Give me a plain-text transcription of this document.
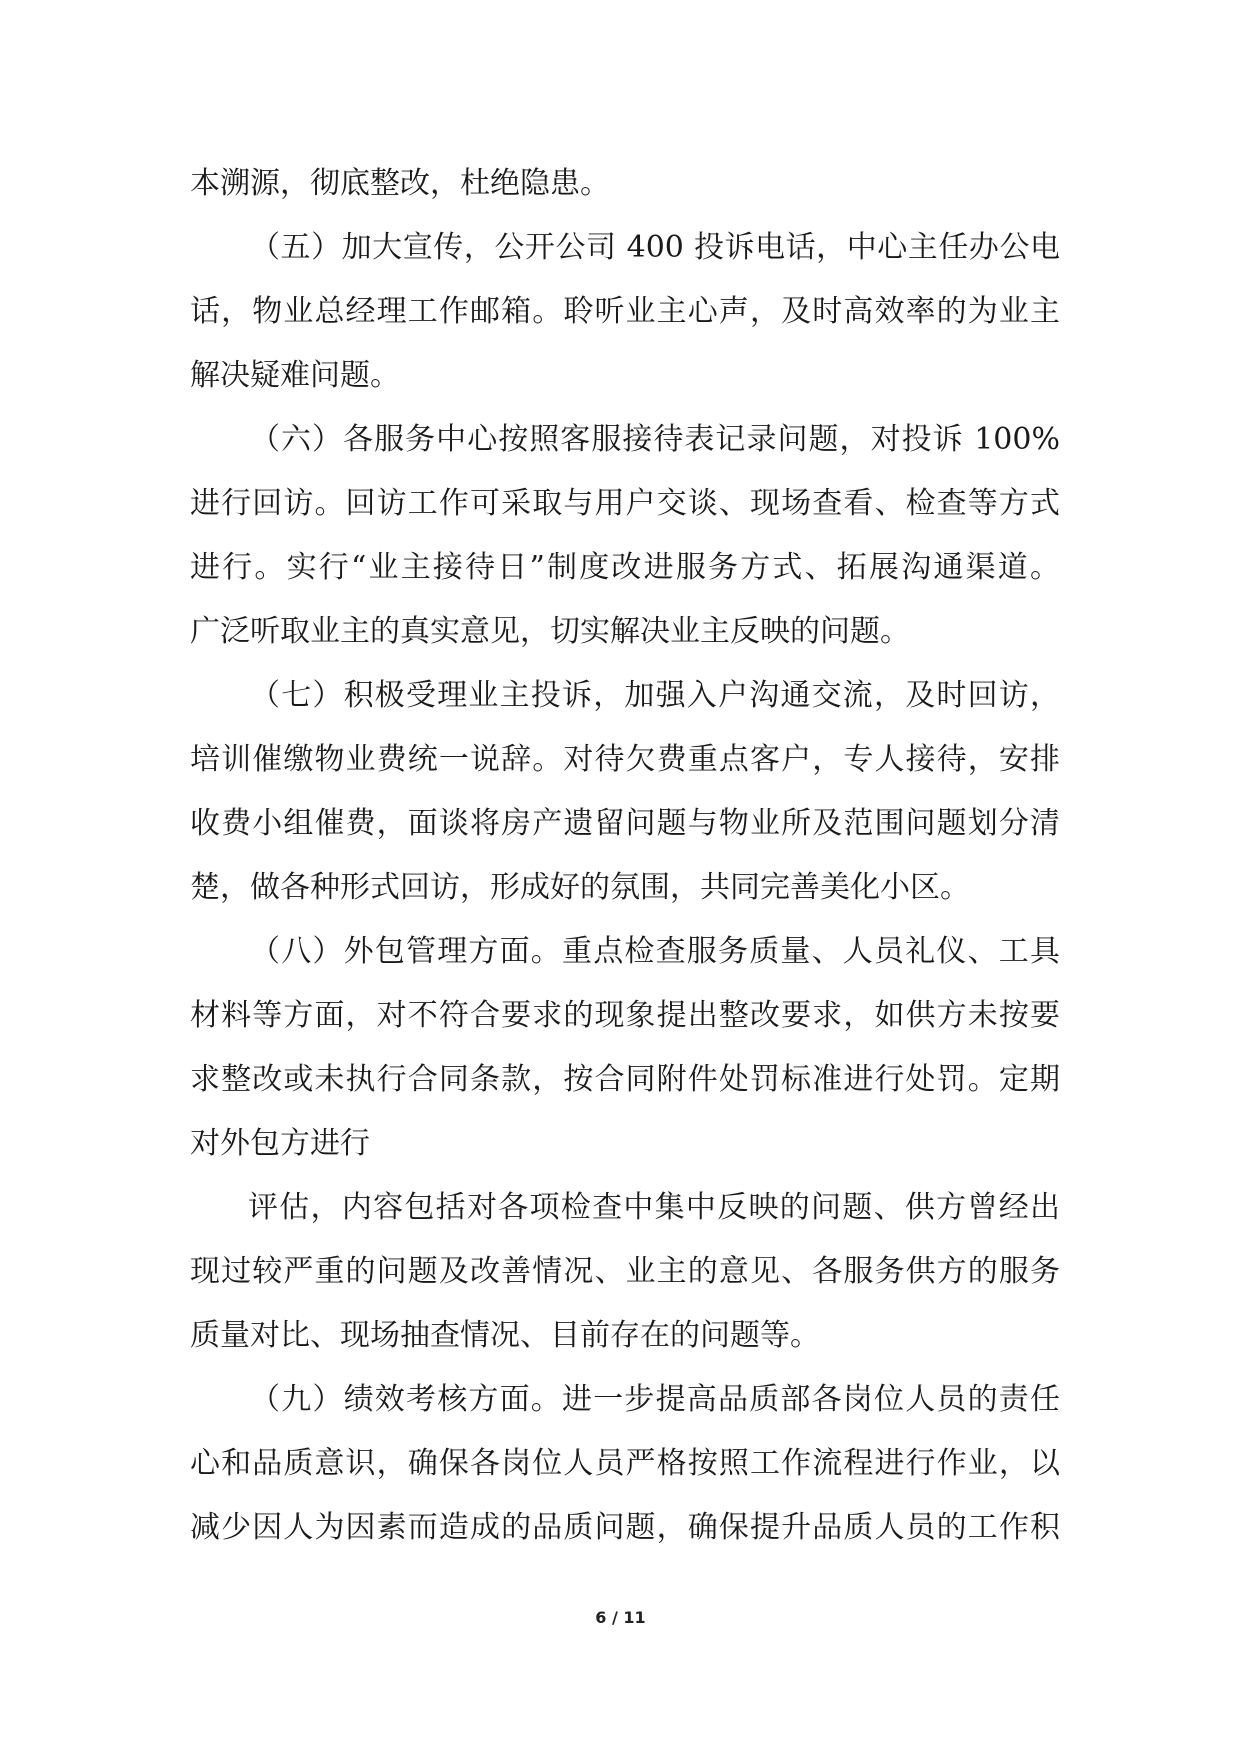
本溯源，彻底整改，杜绝隐患。
（五）加大宣传，公开公司 400 投诉电话，中心主任办公电
话，物业总经理工作邮箱。聆听业主心声，及时高效率的为业主
解决疑难问题。
（六）各服务中心按照客服接待表记录问题，对投诉 100%
进行回访。回访工作可采取与用户交谈、现场查看、检查等方式
进行。实行“业主接待日”制度改进服务方式、拓展沟通渠道。
广泛听取业主的真实意见，切实解决业主反映的问题。
（七）积极受理业主投诉，加强入户沟通交流，及时回访，
培训催缴物业费统一说辞。对待欠费重点客户，专人接待，安排
收费小组催费，面谈将房产遗留问题与物业所及范围问题划分清
楚，做各种形式回访，形成好的氛围，共同完善美化小区。
（八）外包管理方面。重点检查服务质量、人员礼仪、工具
材料等方面，对不符合要求的现象提出整改要求，如供方未按要
求整改或未执行合同条款，按合同附件处罚标准进行处罚。定期
对外包方进行
评估，内容包括对各项检查中集中反映的问题、供方曾经出
现过较严重的问题及改善情况、业主的意见、各服务供方的服务
质量对比、现场抽查情况、目前存在的问题等。
（九）绩效考核方面。进一步提高品质部各岗位人员的责任
心和品质意识，确保各岗位人员严格按照工作流程进行作业，以
减少因人为因素而造成的品质问题，确保提升品质人员的工作积
6 / 11
